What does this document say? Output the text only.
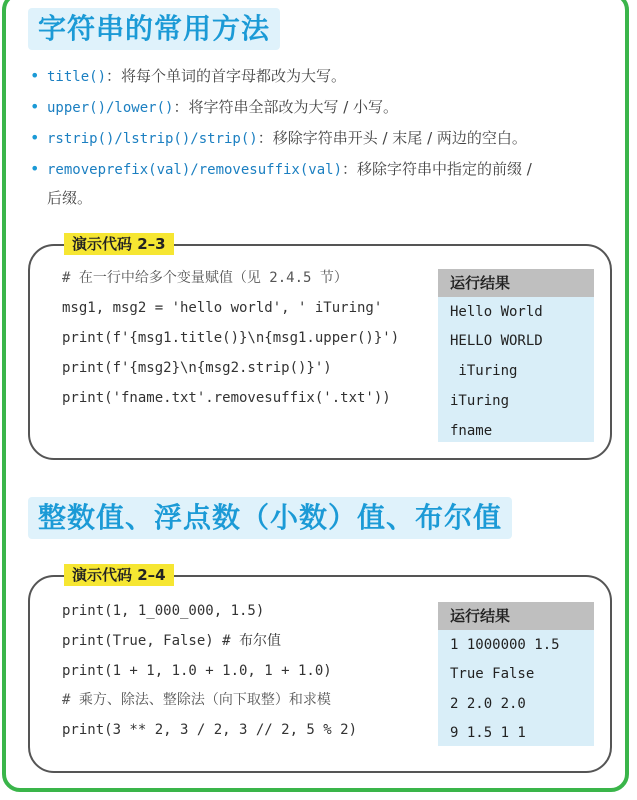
字符串的常用方法
• title()：将每个单词的首字母都改为大写。
• upper()/lower()：将字符串全部改为大写 / 小写。
• rstrip()/lstrip()/strip()：移除字符串开头 / 末尾 / 两边的空白。
• removeprefix(val)/removesuffix(val)：移除字符串中指定的前缀 /
后缀。
演示代码 2–3
# 在一行中给多个变量赋值（见 2.4.5 节）
msg1, msg2 = 'hello world', ' iTuring'
print(f'{msg1.title()}\n{msg1.upper()}')
print(f'{msg2}\n{msg2.strip()}')
print('fname.txt'.removesuffix('.txt'))
运行结果
Hello World
HELLO WORLD
iTuring
iTuring
fname
整数值、浮点数（小数）值、布尔值
演示代码 2–4
print(1, 1_000_000, 1.5)
print(True, False) # 布尔值
print(1 + 1, 1.0 + 1.0, 1 + 1.0)
# 乘方、除法、整除法（向下取整）和求模
print(3 ** 2, 3 / 2, 3 // 2, 5 % 2)
运行结果
1 1000000 1.5
True False
2 2.0 2.0
9 1.5 1 1
